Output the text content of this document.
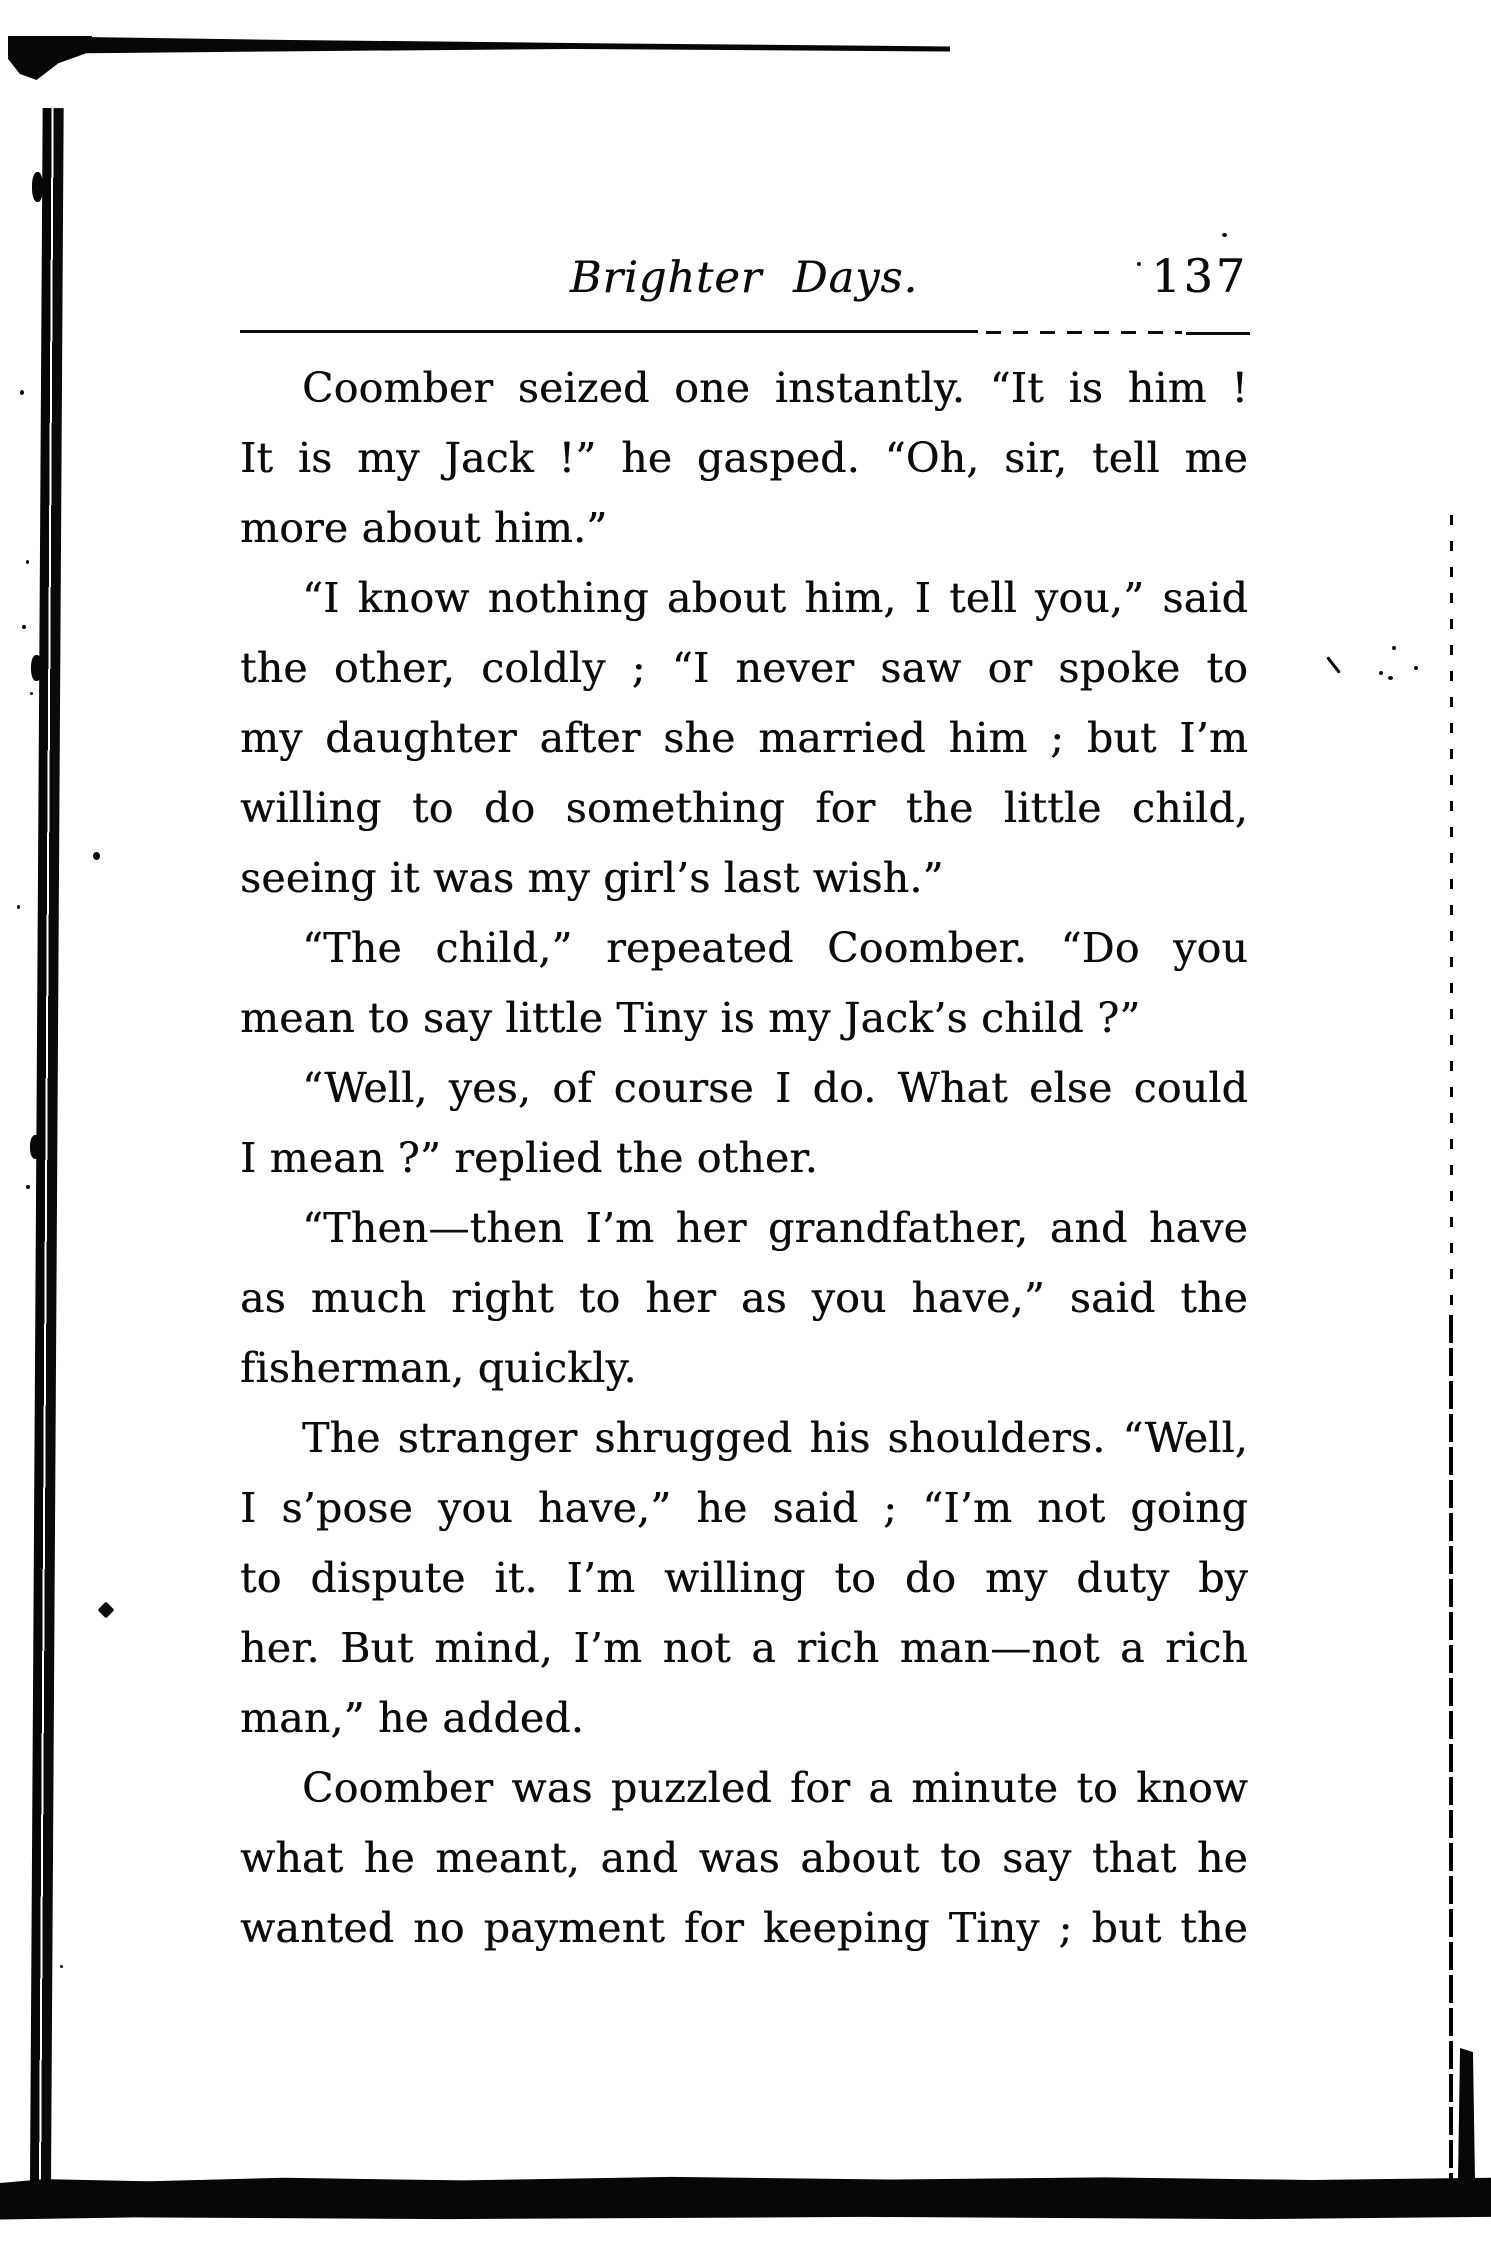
Brighter Days.	137
Coomber seized one instantly. “It is him !
It is my Jack !” he gasped. “Oh, sir, tell me
more about him.”
“I know nothing about him, I tell you,” said
the other, coldly ; “I never saw or spoke to
my daughter after she married him ; but I’m
willing to do something for the little child,
seeing it was my girl’s last wish.”
“The child,” repeated Coomber. “Do you
mean to say little Tiny is my Jack’s child ?”
“Well, yes, of course I do. What else could
I mean ?” replied the other.
“Then—then I’m her grandfather, and have
as much right to her as you have,” said the
fisherman, quickly.
The stranger shrugged his shoulders. “Well,
I s’pose you have,” he said ; “I’m not going
to dispute it. I’m willing to do my duty by
her. But mind, I’m not a rich man—not a rich
man,” he added.
Coomber was puzzled for a minute to know
what he meant, and was about to say that he
wanted no payment for keeping Tiny ; but the
